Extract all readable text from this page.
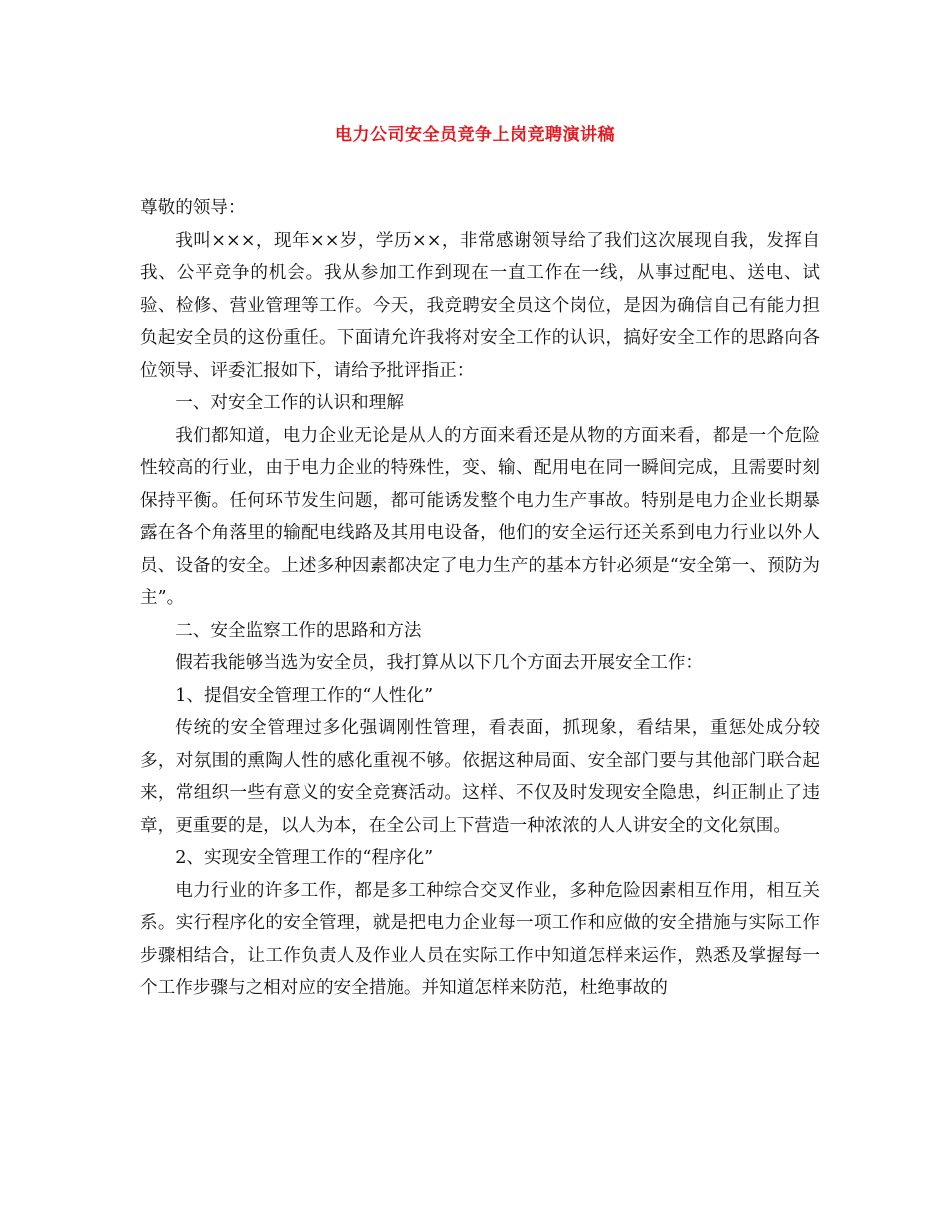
电力公司安全员竞争上岗竞聘演讲稿

尊敬的领导：

我叫×××，现年××岁，学历××，非常感谢领导给了我们这次展现自我，发挥自我、公平竞争的机会。我从参加工作到现在一直工作在一线，从事过配电、送电、试验、检修、营业管理等工作。今天，我竞聘安全员这个岗位，是因为确信自己有能力担负起安全员的这份重任。下面请允许我将对安全工作的认识，搞好安全工作的思路向各位领导、评委汇报如下，请给予批评指正：

一、对安全工作的认识和理解

我们都知道，电力企业无论是从人的方面来看还是从物的方面来看，都是一个危险性较高的行业，由于电力企业的特殊性，变、输、配用电在同一瞬间完成，且需要时刻保持平衡。任何环节发生问题，都可能诱发整个电力生产事故。特别是电力企业长期暴露在各个角落里的输配电线路及其用电设备，他们的安全运行还关系到电力行业以外人员、设备的安全。上述多种因素都决定了电力生产的基本方针必须是“安全第一、预防为主”。

二、安全监察工作的思路和方法

假若我能够当选为安全员，我打算从以下几个方面去开展安全工作：

1、提倡安全管理工作的“人性化”

传统的安全管理过多化强调刚性管理，看表面，抓现象，看结果，重惩处成分较多，对氛围的熏陶人性的感化重视不够。依据这种局面、安全部门要与其他部门联合起来，常组织一些有意义的安全竞赛活动。这样、不仅及时发现安全隐患，纠正制止了违章，更重要的是，以人为本，在全公司上下营造一种浓浓的人人讲安全的文化氛围。

2、实现安全管理工作的“程序化”

电力行业的许多工作，都是多工种综合交叉作业，多种危险因素相互作用，相互关系。实行程序化的安全管理，就是把电力企业每一项工作和应做的安全措施与实际工作步骤相结合，让工作负责人及作业人员在实际工作中知道怎样来运作，熟悉及掌握每一个工作步骤与之相对应的安全措施。并知道怎样来防范，杜绝事故的
